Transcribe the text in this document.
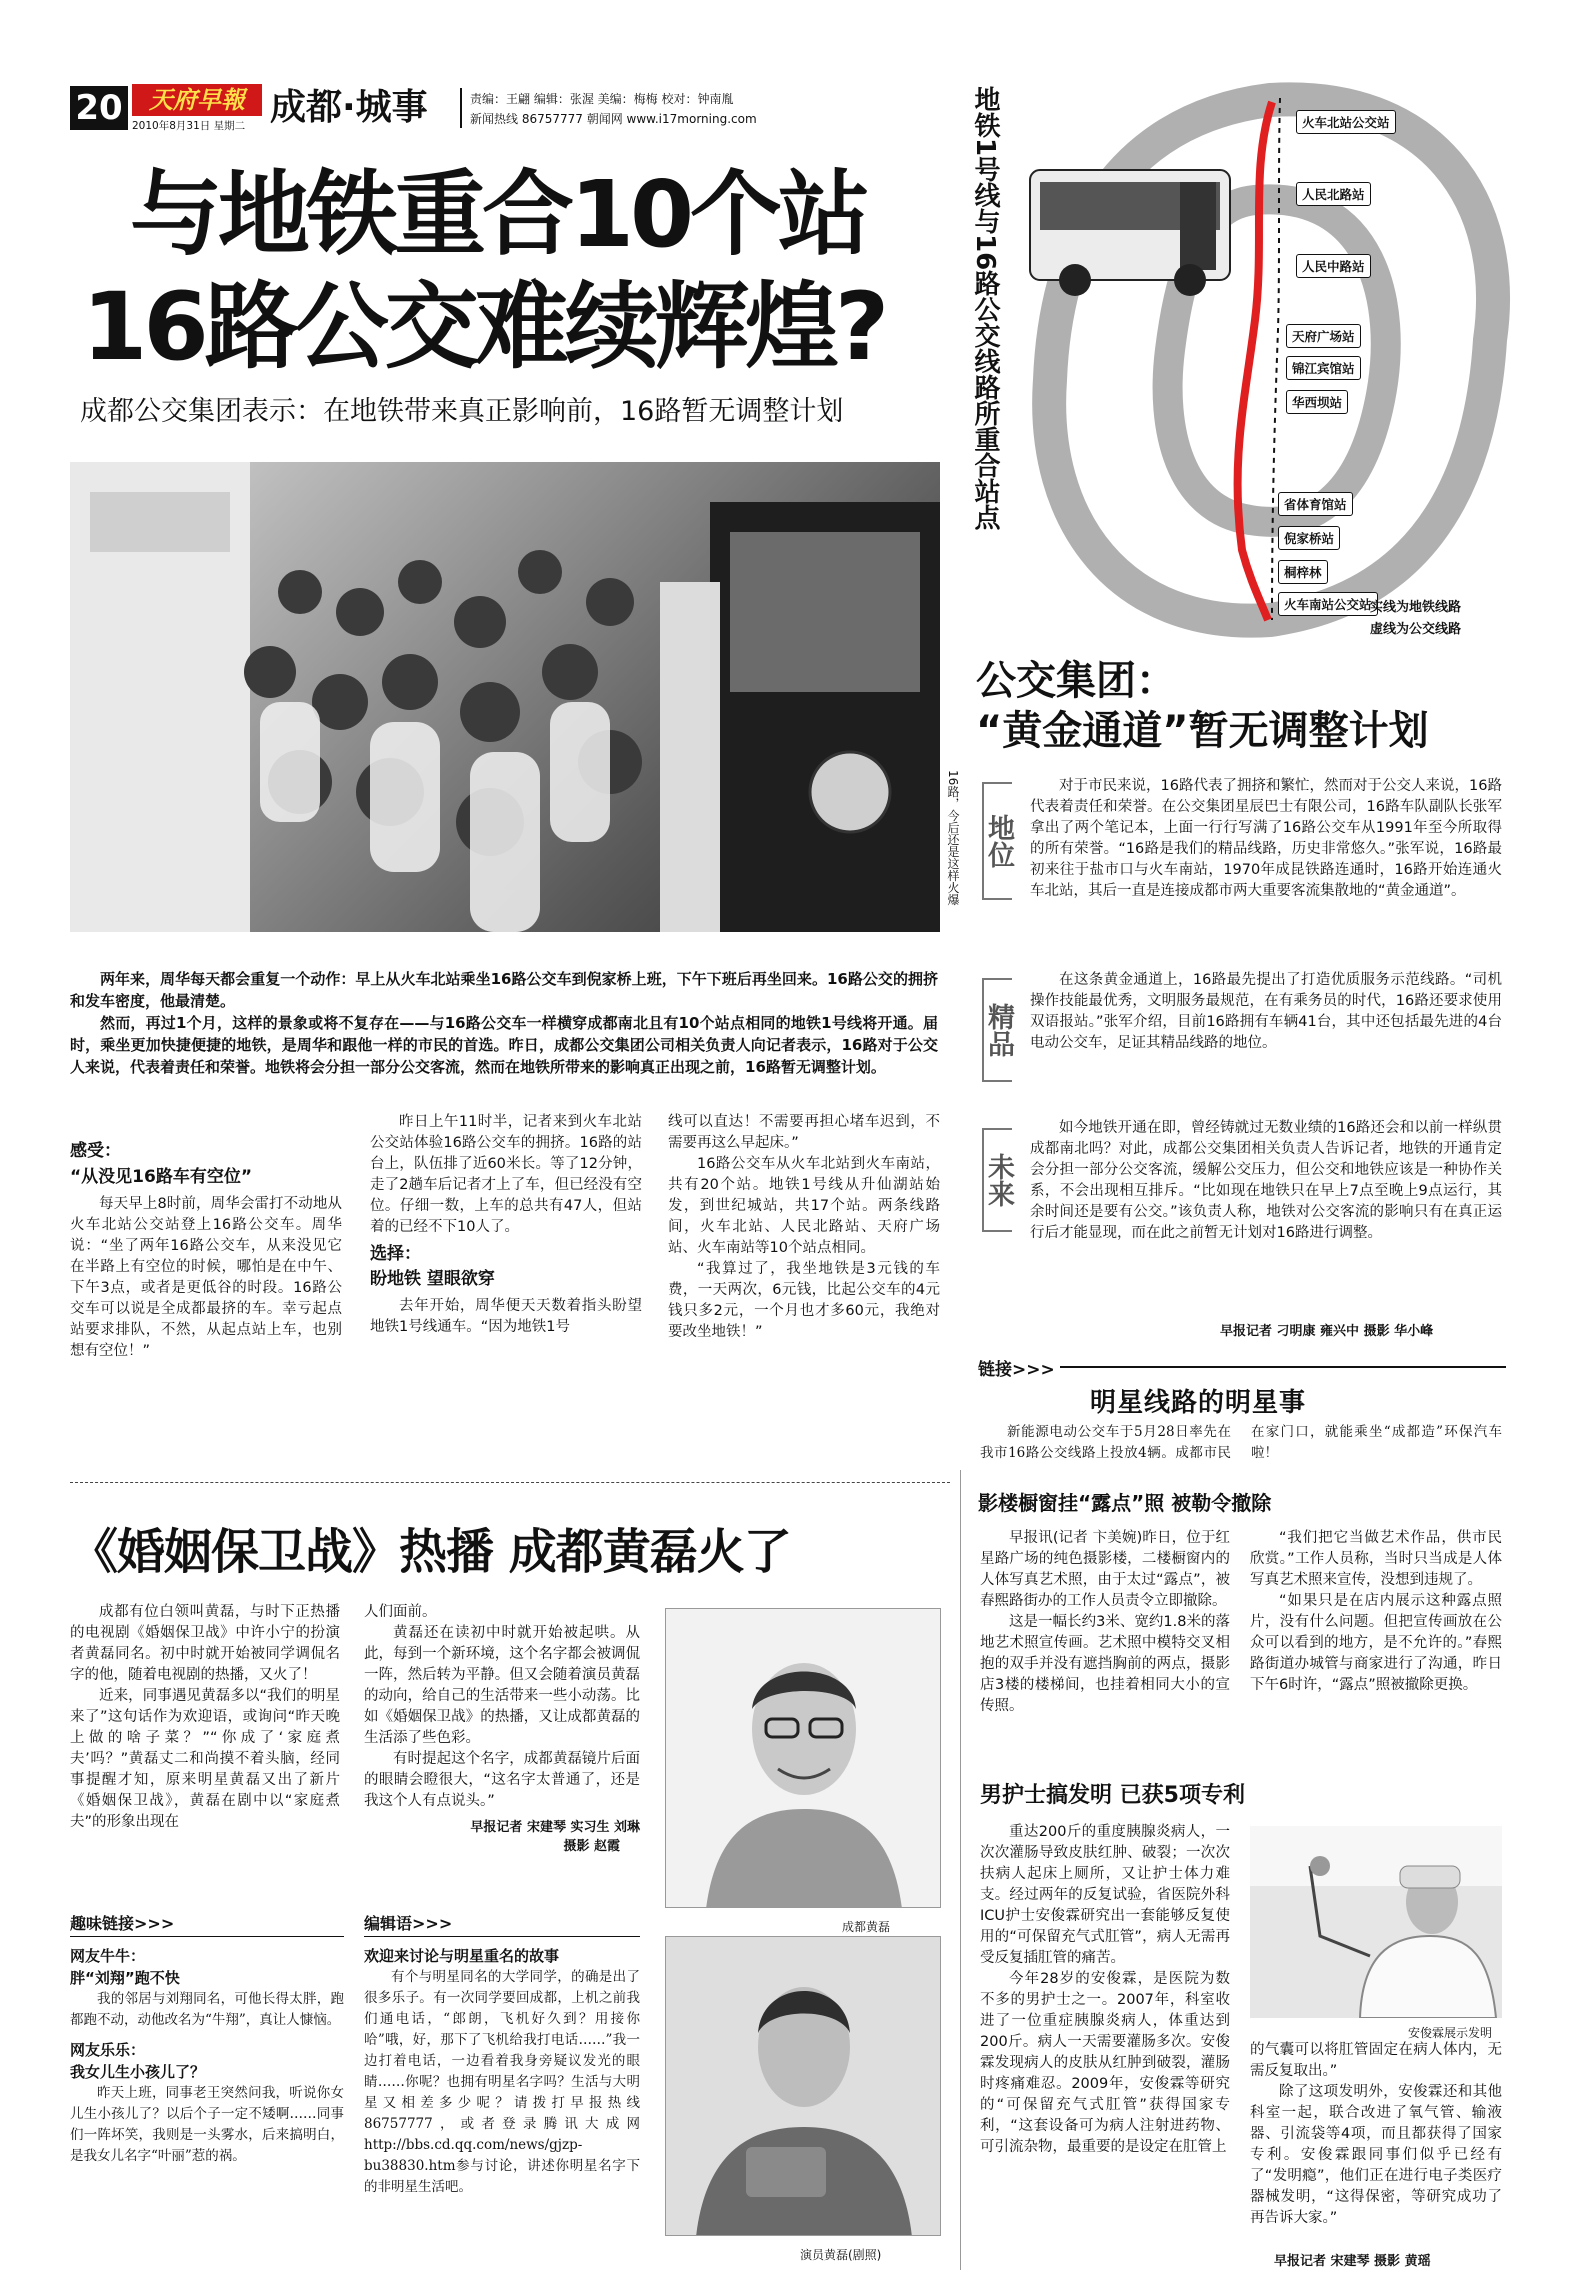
20	天府早報
2010年8月31日 星期二 成都·城事	责编：王翩 编辑：张渥 美编：梅梅 校对：钟南胤
新闻热线 86757777 朝闻网 www.i17morning.com
与地铁重合10个站
16路公交难续辉煌?
成都公交集团表示：在地铁带来真正影响前，16路暂无调整计划
16路，今后还是这样火爆

两年来，周华每天都会重复一个动作：早上从火车北站乘坐16路公交车到倪家桥上班，下午下班后再坐回来。16路公交的拥挤和发车密度，他最清楚。

然而，再过1个月，这样的景象或将不复存在——与16路公交车一样横穿成都南北且有10个站点相同的地铁1号线将开通。届时，乘坐更加快捷便捷的地铁，是周华和跟他一样的市民的首选。昨日，成都公交集团公司相关负责人向记者表示，16路对于公交人来说，代表着责任和荣誉。地铁将会分担一部分公交客流，然而在地铁所带来的影响真正出现之前，16路暂无调整计划。

感受：
“从没见16路车有空位”

每天早上8时前，周华会雷打不动地从火车北站公交站登上16路公交车。周华说：“坐了两年16路公交车，从来没见它在半路上有空位的时候，哪怕是在中午、下午3点，或者是更低谷的时段。16路公交车可以说是全成都最挤的车。幸亏起点站要求排队，不然，从起点站上车，也别想有空位！”

昨日上午11时半，记者来到火车北站公交站体验16路公交车的拥挤。16路的站台上，队伍排了近60米长。等了12分钟，走了2趟车后记者才上了车，但已经没有空位。仔细一数，上车的总共有47人，但站着的已经不下10人了。

选择：
盼地铁 望眼欲穿

去年开始，周华便天天数着指头盼望地铁1号线通车。“因为地铁1号

线可以直达！不需要再担心堵车迟到，不需要再这么早起床。”

16路公交车从火车北站到火车南站，共有20个站。地铁1号线从升仙湖站始发，到世纪城站，共17个站。两条线路间，火车北站、人民北路站、天府广场站、火车南站等10个站点相同。

“我算过了，我坐地铁是3元钱的车费，一天两次，6元钱，比起公交车的4元钱只多2元，一个月也才多60元，我绝对要改坐地铁！”

地铁1号线与16路公交线路所重合站点	火车北站公交站
人民北路站
人民中路站
天府广场站
锦江宾馆站
华西坝站
省体育馆站
倪家桥站
桐梓林
火车南站公交站
实线为地铁线路
虚线为公交线路
公交集团：
“黄金通道”暂无调整计划
地位

对于市民来说，16路代表了拥挤和繁忙，然而对于公交人来说，16路代表着责任和荣誉。在公交集团星辰巴士有限公司，16路车队副队长张军拿出了两个笔记本，上面一行行写满了16路公交车从1991年至今所取得的所有荣誉。“16路是我们的精品线路，历史非常悠久。”张军说，16路最初来往于盐市口与火车南站，1970年成昆铁路连通时，16路开始连通火车北站，其后一直是连接成都市两大重要客流集散地的“黄金通道”。

精品

在这条黄金通道上，16路最先提出了打造优质服务示范线路。“司机操作技能最优秀，文明服务最规范，在有乘务员的时代，16路还要求使用双语报站。”张军介绍，目前16路拥有车辆41台，其中还包括最先进的4台电动公交车，足证其精品线路的地位。

未来

如今地铁开通在即，曾经铸就过无数业绩的16路还会和以前一样纵贯成都南北吗？对此，成都公交集团相关负责人告诉记者，地铁的开通肯定会分担一部分公交客流，缓解公交压力，但公交和地铁应该是一种协作关系，不会出现相互排斥。“比如现在地铁只在早上7点至晚上9点运行，其余时间还是要有公交。”该负责人称，地铁对公交客流的影响只有在真正运行后才能显现，而在此之前暂无计划对16路进行调整。

早报记者 刁明康 雍兴中 摄影 华小峰
链接>>>
明星线路的明星事

新能源电动公交车于5月28日率先在我市16路公交线路上投放4辆。成都市民在家门口，就能乘坐“成都造”环保汽车啦！

《婚姻保卫战》热播 成都黄磊火了

成都有位白领叫黄磊，与时下正热播的电视剧《婚姻保卫战》中许小宁的扮演者黄磊同名。初中时就开始被同学调侃名字的他，随着电视剧的热播，又火了！

近来，同事遇见黄磊多以“我们的明星来了”这句话作为欢迎语，或询问“昨天晚上做的啥子菜？”“你成了‘家庭煮夫’吗？”黄磊丈二和尚摸不着头脑，经同事提醒才知，原来明星黄磊又出了新片《婚姻保卫战》，黄磊在剧中以“家庭煮夫”的形象出现在

人们面前。

黄磊还在读初中时就开始被起哄。从此，每到一个新环境，这个名字都会被调侃一阵，然后转为平静。但又会随着演员黄磊的动向，给自己的生活带来一些小动荡。比如《婚姻保卫战》的热播，又让成都黄磊的生活添了些色彩。

有时提起这个名字，成都黄磊镜片后面的眼睛会瞪很大，“这名字太普通了，还是我这个人有点说头。”

早报记者 宋建琴 实习生 刘琳
摄影 赵霞
成都黄磊
趣味链接>>>
网友牛牛：
胖“刘翔”跑不快

我的邻居与刘翔同名，可他长得太胖，跑都跑不动，动他改名为“牛翔”，真让人慷恼。

网友乐乐：
我女儿生小孩儿了？

昨天上班，同事老王突然问我，听说你女儿生小孩儿了？以后个子一定不矮啊……同事们一阵坏笑，我则是一头雾水，后来搞明白，是我女儿名字“叶丽”惹的祸。

编辑语>>>
欢迎来讨论与明星重名的故事

有个与明星同名的大学同学，的确是出了很多乐子。有一次同学要回成都，上机之前我们通电话，“郎朗，飞机好久到？用接你哈”哦，好，那下了飞机给我打电话……”我一边打着电话，一边看着我身旁疑议发光的眼睛……你呢？也拥有明星名字吗？生活与大明星又相差多少呢？请拨打早报热线86757777，或者登录腾讯大成网http://bbs.cd.qq.com/news/gjzp-bu38830.htm参与讨论，讲述你明星名字下的非明星生活吧。

演员黄磊(剧照)
影楼橱窗挂“露点”照 被勒令撤除

早报讯(记者 卞美婉)昨日，位于红星路广场的纯色摄影楼，二楼橱窗内的人体写真艺术照，由于太过“露点”，被春熙路街办的工作人员责令立即撤除。

这是一幅长约3米、宽约1.8米的落地艺术照宣传画。艺术照中模特交叉相抱的双手并没有遮挡胸前的两点，摄影店3楼的楼梯间，也挂着相同大小的宣传照。

“我们把它当做艺术作品，供市民欣赏。”工作人员称，当时只当成是人体写真艺术照来宣传，没想到违规了。

“如果只是在店内展示这种露点照片，没有什么问题。但把宣传画放在公众可以看到的地方，是不允许的。”春熙路街道办城管与商家进行了沟通，昨日下午6时许，“露点”照被撤除更换。

男护士搞发明 已获5项专利

重达200斤的重度胰腺炎病人，一次次灌肠导致皮肤红肿、破裂；一次次扶病人起床上厕所，又让护士体力难支。经过两年的反复试验，省医院外科ICU护士安俊霖研究出一套能够反复使用的“可保留充气式肛管”，病人无需再受反复插肛管的痛苦。

今年28岁的安俊霖，是医院为数不多的男护士之一。2007年，科室收进了一位重症胰腺炎病人，体重达到200斤。病人一天需要灌肠多次。安俊霖发现病人的皮肤从红肿到破裂，灌肠时疼痛难忍。2009年，安俊霖等研究的“可保留充气式肛管”获得国家专利，“这套设备可为病人注射进药物、可引流杂物，最重要的是设定在肛管上

安俊霖展示发明

的气囊可以将肛管固定在病人体内，无需反复取出。”

除了这项发明外，安俊霖还和其他科室一起，联合改进了氧气管、输液器、引流袋等4项，而且都获得了国家专利。安俊霖跟同事们似乎已经有了“发明瘾”，他们正在进行电子类医疗器械发明，“这得保密，等研究成功了再告诉大家。”

早报记者 宋建琴 摄影 黄瑶
